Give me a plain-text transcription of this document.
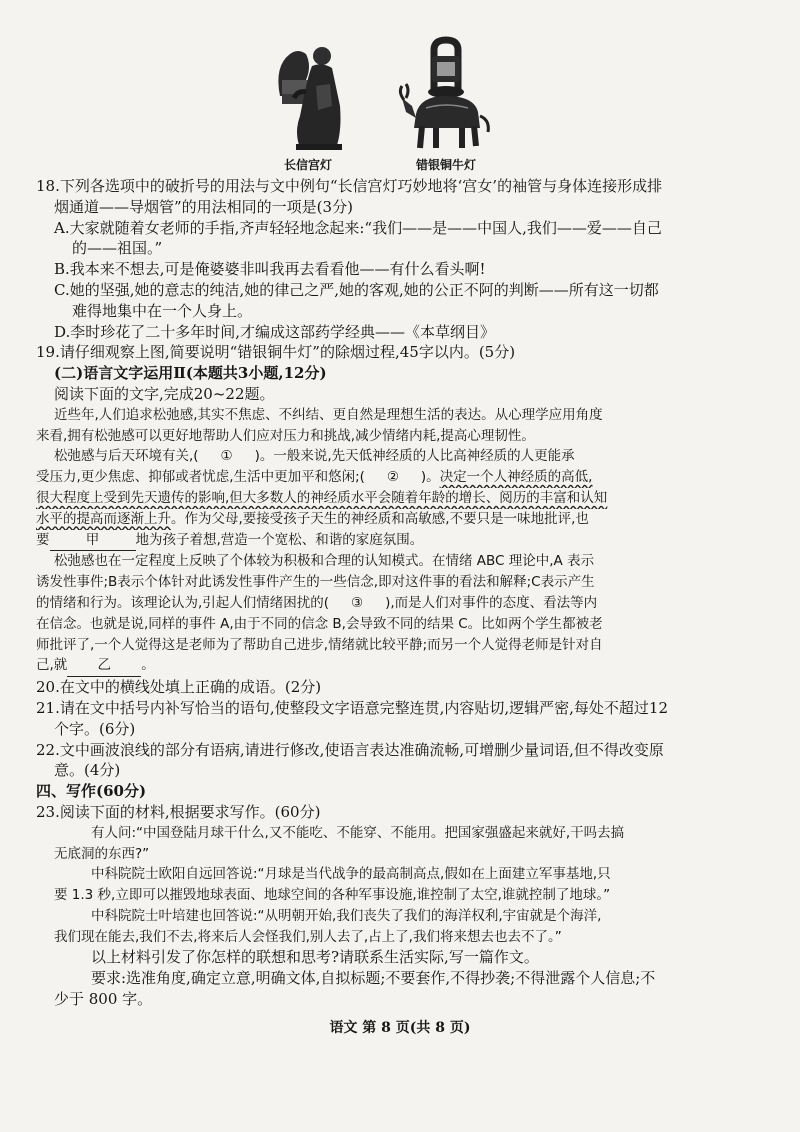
长信宫灯	错银铜牛灯
18.下列各选项中的破折号的用法与文中例句“长信宫灯巧妙地将‘宫女’的袖管与身体连接形成排
烟通道——导烟管”的用法相同的一项是(3分)
A.大家就随着女老师的手指,齐声轻轻地念起来:“我们——是——中国人,我们——爱——自己
的——祖国。”
B.我本来不想去,可是俺婆婆非叫我再去看看他——有什么看头啊!
C.她的坚强,她的意志的纯洁,她的律己之严,她的客观,她的公正不阿的判断——所有这一切都
难得地集中在一个人身上。
D.李时珍花了二十多年时间,才编成这部药学经典——《本草纲目》
19.请仔细观察上图,简要说明“错银铜牛灯”的除烟过程,45字以内。(5分)
(二)语言文字运用Ⅱ(本题共3小题,12分)
阅读下面的文字,完成20~22题。
近些年,人们追求松弛感,其实不焦虑、不纠结、更自然是理想生活的表达。从心理学应用角度
来看,拥有松弛感可以更好地帮助人们应对压力和挑战,减少情绪内耗,提高心理韧性。
松弛感与后天环境有关,( ① )。一般来说,先天低神经质的人比高神经质的人更能承
受压力,更少焦虑、抑郁或者忧虑,生活中更加平和悠闲;( ② )。决定一个人神经质的高低,
很大程度上受到先天遗传的影响,但大多数人的神经质水平会随着年龄的增长、阅历的丰富和认知
水平的提高而逐渐上升。作为父母,要接受孩子天生的神经质和高敏感,不要只是一味地批评,也
要	甲	地为孩子着想,营造一个宽松、和谐的家庭氛围。
松弛感也在一定程度上反映了个体较为积极和合理的认知模式。在情绪 ABC 理论中,A 表示
诱发性事件;B表示个体针对此诱发性事件产生的一些信念,即对这件事的看法和解释;C表示产生
的情绪和行为。该理论认为,引起人们情绪困扰的( ③ ),而是人们对事件的态度、看法等内
在信念。也就是说,同样的事件 A,由于不同的信念 B,会导致不同的结果 C。比如两个学生都被老
师批评了,一个人觉得这是老师为了帮助自己进步,情绪就比较平静;而另一个人觉得老师是针对自
己,就 乙 。
20.在文中的横线处填上正确的成语。(2分)
21.请在文中括号内补写恰当的语句,使整段文字语意完整连贯,内容贴切,逻辑严密,每处不超过12
个字。(6分)
22.文中画波浪线的部分有语病,请进行修改,使语言表达准确流畅,可增删少量词语,但不得改变原
意。(4分)
四、写作(60分)
23.阅读下面的材料,根据要求写作。(60分)
有人问:“中国登陆月球干什么,又不能吃、不能穿、不能用。把国家强盛起来就好,干吗去搞
无底洞的东西?”
中科院院士欧阳自远回答说:“月球是当代战争的最高制高点,假如在上面建立军事基地,只
要 1.3 秒,立即可以摧毁地球表面、地球空间的各种军事设施,谁控制了太空,谁就控制了地球。”
中科院院士叶培建也回答说:“从明朝开始,我们丧失了我们的海洋权利,宇宙就是个海洋,
我们现在能去,我们不去,将来后人会怪我们,别人去了,占上了,我们将来想去也去不了。”
以上材料引发了你怎样的联想和思考?请联系生活实际,写一篇作文。
要求:选准角度,确定立意,明确文体,自拟标题;不要套作,不得抄袭;不得泄露个人信息;不
少于 800 字。
语文 第 8 页(共 8 页)
